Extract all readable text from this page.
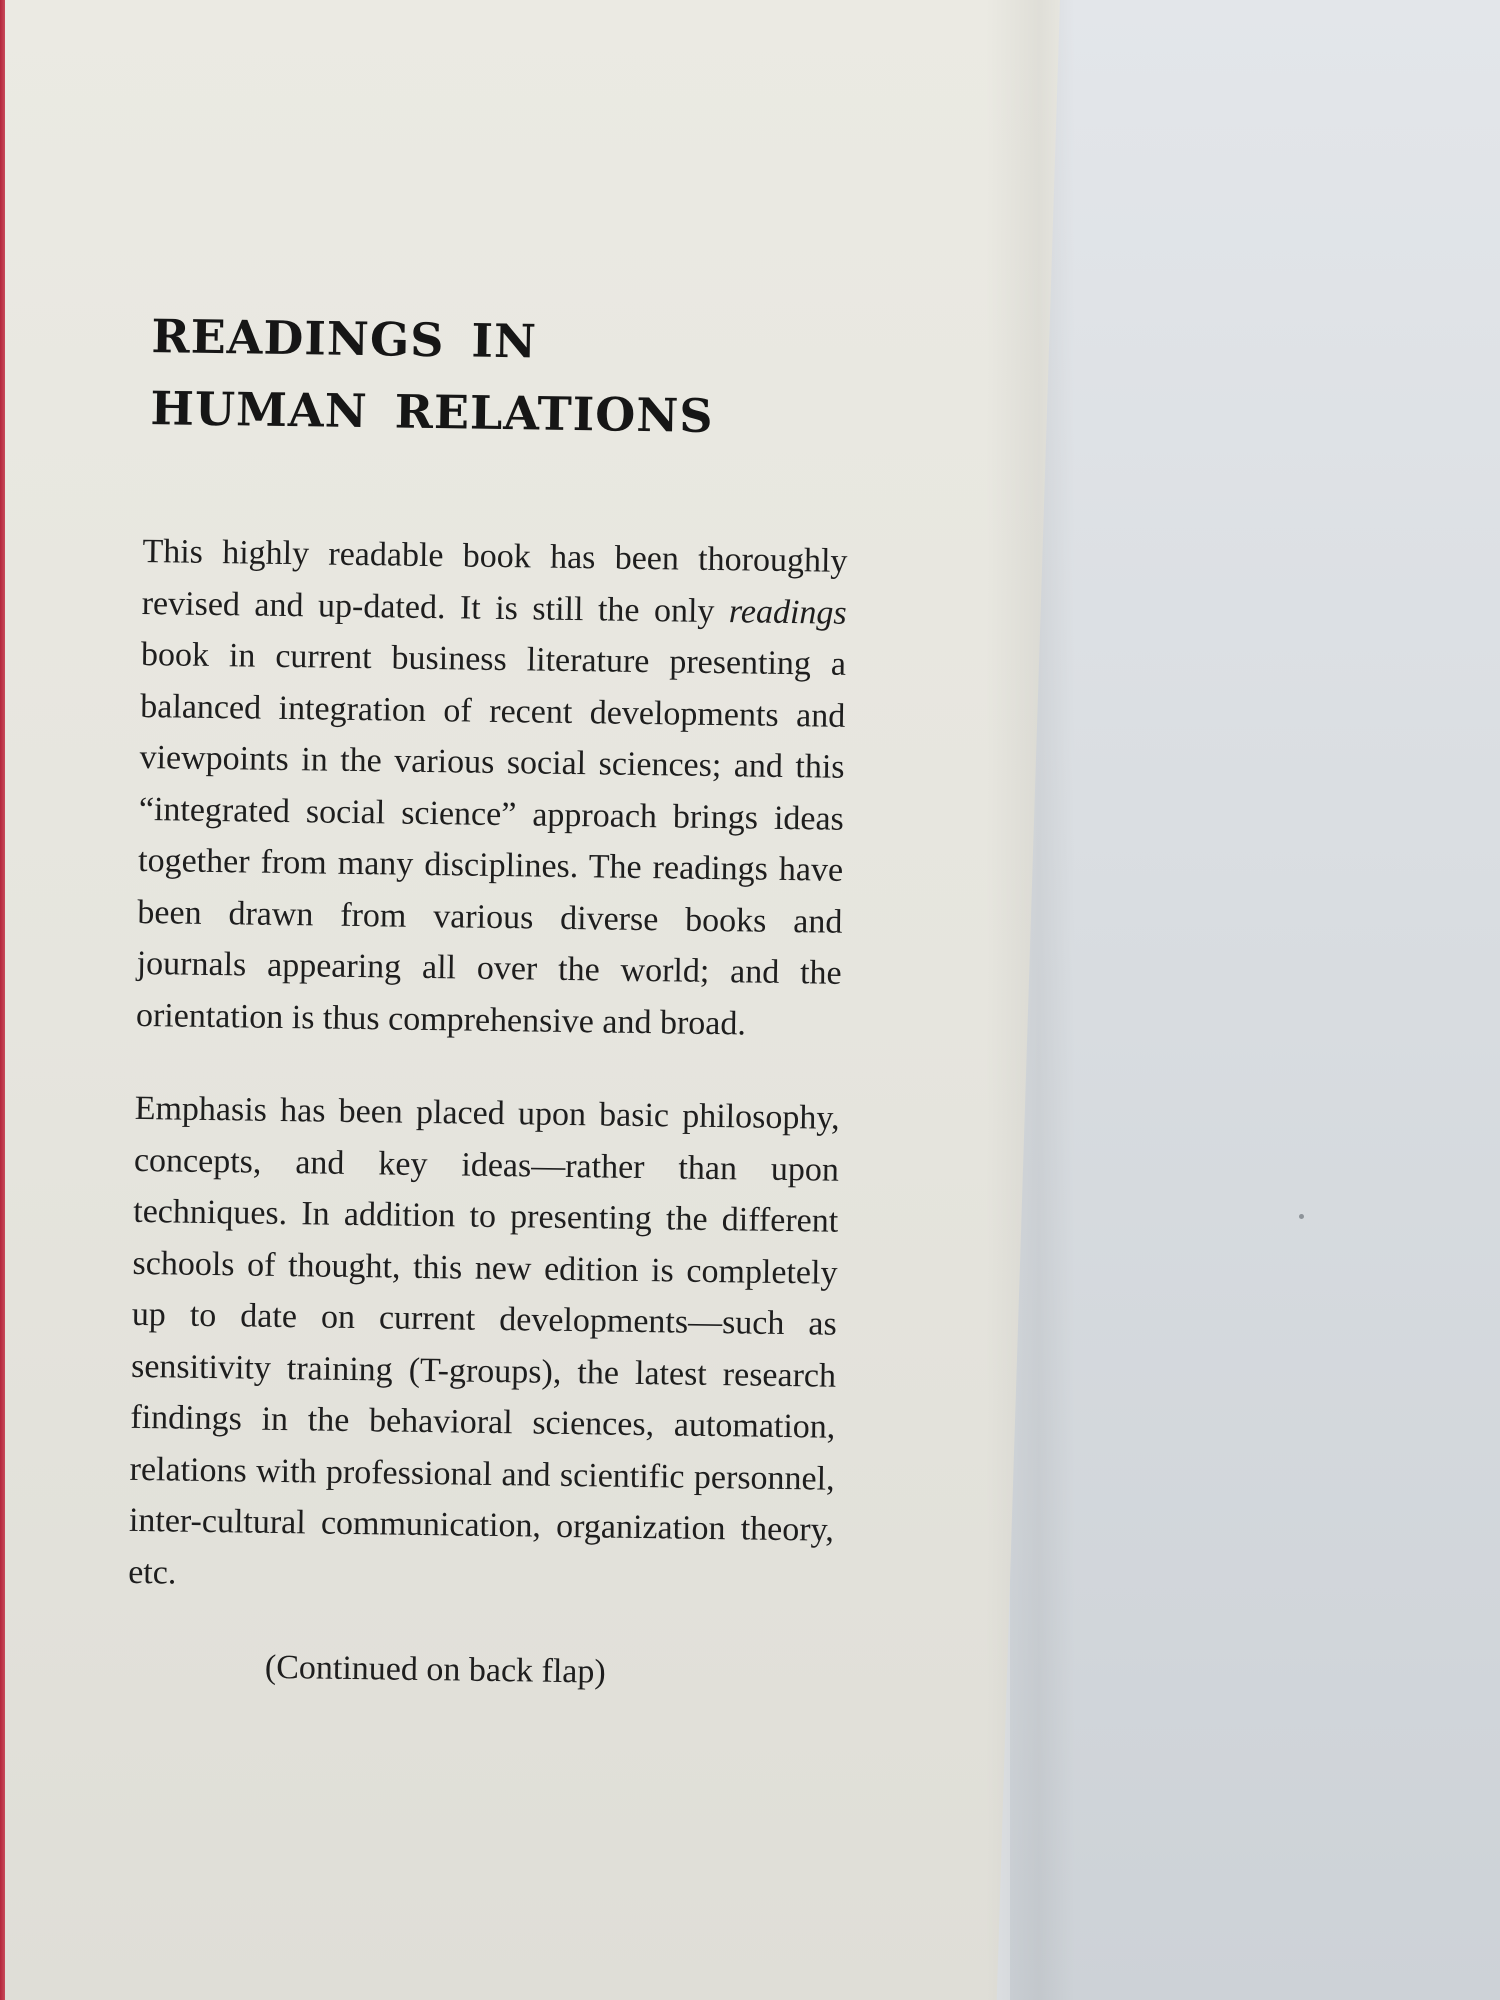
READINGS IN
HUMAN RELATIONS

This highly readable book has been thoroughly revised and up-dated. It is still the only readings book in current business literature presenting a balanced integration of recent developments and viewpoints in the various social sciences; and this “integrated social science” approach brings ideas together from many disciplines. The readings have been drawn from various diverse books and journals appearing all over the world; and the orientation is thus comprehensive and broad.

Emphasis has been placed upon basic philosophy, concepts, and key ideas—rather than upon techniques. In addition to presenting the different schools of thought, this new edition is completely up to date on current developments—such as sensitivity training (T-groups), the latest research findings in the behavioral sciences, automation, relations with professional and scientific personnel, inter-cultural communication, organization theory, etc.

(Continued on back flap)
